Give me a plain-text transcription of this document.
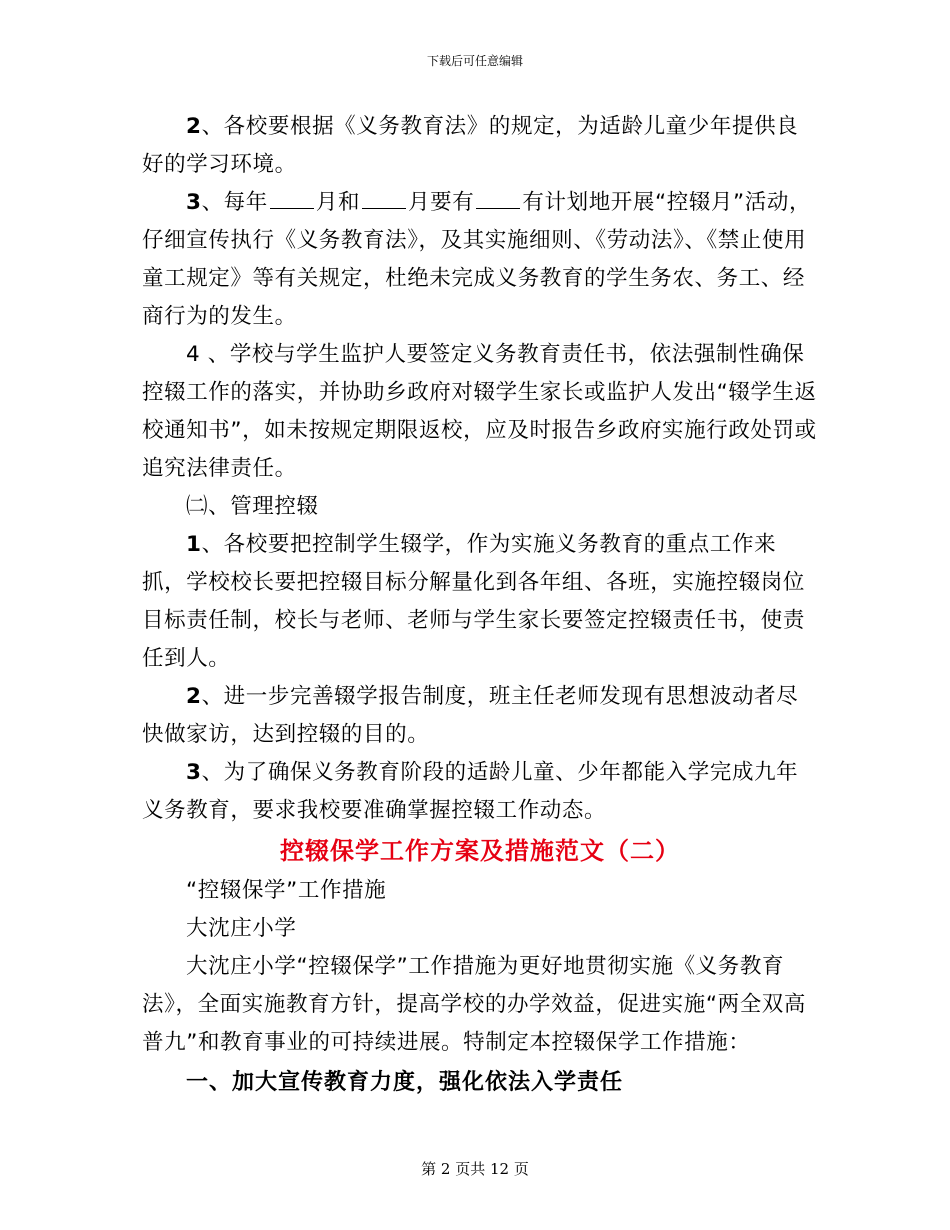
下载后可任意编辑

2、各校要根据《义务教育法》的规定，为适龄儿童少年提供良好的学习环境。

3、每年 月和 月要有 有计划地开展“控辍月”活动，仔细宣传执行《义务教育法》，及其实施细则、《劳动法》、《禁止使用童工规定》等有关规定，杜绝未完成义务教育的学生务农、务工、经商行为的发生。

4 、学校与学生监护人要签定义务教育责任书，依法强制性确保控辍工作的落实，并协助乡政府对辍学生家长或监护人发出“辍学生返校通知书”，如未按规定期限返校，应及时报告乡政府实施行政处罚或追究法律责任。

㈡、管理控辍

1、各校要把控制学生辍学，作为实施义务教育的重点工作来抓，学校校长要把控辍目标分解量化到各年组、各班，实施控辍岗位目标责任制，校长与老师、老师与学生家长要签定控辍责任书，使责任到人。

2、进一步完善辍学报告制度，班主任老师发现有思想波动者尽快做家访，达到控辍的目的。

3、为了确保义务教育阶段的适龄儿童、少年都能入学完成九年义务教育，要求我校要准确掌握控辍工作动态。

控辍保学工作方案及措施范文（二）

“控辍保学”工作措施

大沈庄小学

大沈庄小学“控辍保学”工作措施为更好地贯彻实施《义务教育法》，全面实施教育方针，提高学校的办学效益，促进实施“两全双高普九”和教育事业的可持续进展。特制定本控辍保学工作措施：

一、加大宣传教育力度，强化依法入学责任

第 2 页共 12 页
